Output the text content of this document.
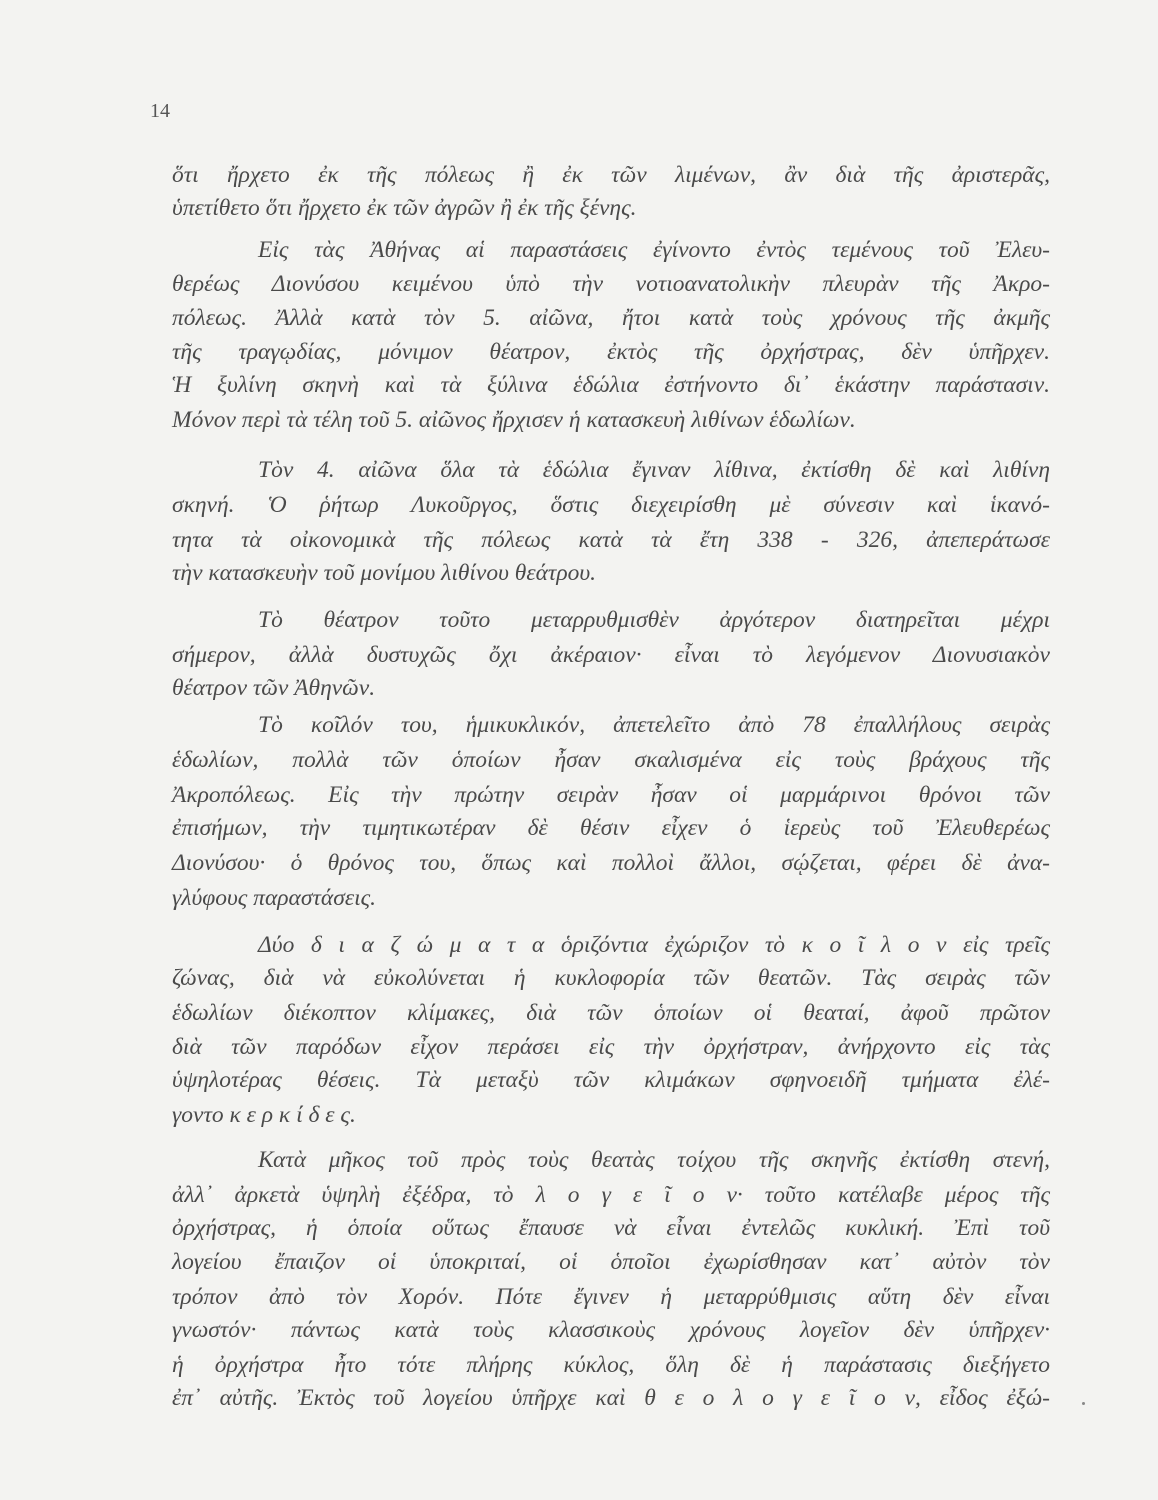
14
ὅτι ἤρχετο ἐκ τῆς πόλεως ἢ ἐκ τῶν λιμένων, ἂν διὰ τῆς ἀριστερᾶς,
ὑπετίθετο ὅτι ἤρχετο ἐκ τῶν ἀγρῶν ἢ ἐκ τῆς ξένης.
Εἰς τὰς Ἀθήνας αἱ παραστάσεις ἐγίνοντο ἐντὸς τεμένους τοῦ Ἐλευ-
θερέως Διονύσου κειμένου ὑπὸ τὴν νοτιοανατολικὴν πλευρὰν τῆς Ἀκρο-
πόλεως. Ἀλλὰ κατὰ τὸν 5. αἰῶνα, ἤτοι κατὰ τοὺς χρόνους τῆς ἀκμῆς
τῆς τραγῳδίας, μόνιμον θέατρον, ἐκτὸς τῆς ὀρχήστρας, δὲν ὑπῆρχεν.
Ἡ ξυλίνη σκηνὴ καὶ τὰ ξύλινα ἑδώλια ἐστήνοντο δι᾿ ἑκάστην παράστασιν.
Μόνον περὶ τὰ τέλη τοῦ 5. αἰῶνος ἤρχισεν ἡ κατασκευὴ λιθίνων ἑδωλίων.
Τὸν 4. αἰῶνα ὅλα τὰ ἑδώλια ἔγιναν λίθινα, ἐκτίσθη δὲ καὶ λιθίνη
σκηνή. Ὁ ῥήτωρ Λυκοῦργος, ὅστις διεχειρίσθη μὲ σύνεσιν καὶ ἱκανό-
τητα τὰ οἰκονομικὰ τῆς πόλεως κατὰ τὰ ἔτη 338 - 326, ἀπεπεράτωσε
τὴν κατασκευὴν τοῦ μονίμου λιθίνου θεάτρου.
Τὸ θέατρον τοῦτο μεταρρυθμισθὲν ἀργότερον διατηρεῖται μέχρι
σήμερον, ἀλλὰ δυστυχῶς ὄχι ἀκέραιον· εἶναι τὸ λεγόμενον Διονυσιακὸν
θέατρον τῶν Ἀθηνῶν.
Τὸ κοῖλόν του, ἡμικυκλικόν, ἀπετελεῖτο ἀπὸ 78 ἐπαλλήλους σειρὰς
ἑδωλίων, πολλὰ τῶν ὁποίων ἦσαν σκαλισμένα εἰς τοὺς βράχους τῆς
Ἀκροπόλεως. Εἰς τὴν πρώτην σειρὰν ἦσαν οἱ μαρμάρινοι θρόνοι τῶν
ἐπισήμων, τὴν τιμητικωτέραν δὲ θέσιν εἶχεν ὁ ἱερεὺς τοῦ Ἐλευθερέως
Διονύσου· ὁ θρόνος του, ὅπως καὶ πολλοὶ ἄλλοι, σῴζεται, φέρει δὲ ἀνα-
γλύφους παραστάσεις.
Δύο δ ι α ζ ώ μ α τ α ὁριζόντια ἐχώριζον τὸ κ ο ῖ λ ο ν εἰς τρεῖς
ζώνας, διὰ νὰ εὐκολύνεται ἡ κυκλοφορία τῶν θεατῶν. Τὰς σειρὰς τῶν
ἑδωλίων διέκοπτον κλίμακες, διὰ τῶν ὁποίων οἱ θεαταί, ἀφοῦ πρῶτον
διὰ τῶν παρόδων εἶχον περάσει εἰς τὴν ὀρχήστραν, ἀνήρχοντο εἰς τὰς
ὑψηλοτέρας θέσεις. Τὰ μεταξὺ τῶν κλιμάκων σφηνοειδῆ τμήματα ἐλέ-
γοντο κ ε ρ κ ί δ ε ς.
Κατὰ μῆκος τοῦ πρὸς τοὺς θεατὰς τοίχου τῆς σκηνῆς ἐκτίσθη στενή,
ἀλλ᾿ ἀρκετὰ ὑψηλὴ ἐξέδρα, τὸ λ ο γ ε ῖ ο ν· τοῦτο κατέλαβε μέρος τῆς
ὀρχήστρας, ἡ ὁποία οὕτως ἔπαυσε νὰ εἶναι ἐντελῶς κυκλική. Ἐπὶ τοῦ
λογείου ἔπαιζον οἱ ὑποκριταί, οἱ ὁποῖοι ἐχωρίσθησαν κατ᾿ αὐτὸν τὸν
τρόπον ἀπὸ τὸν Χορόν. Πότε ἔγινεν ἡ μεταρρύθμισις αὕτη δὲν εἶναι
γνωστόν· πάντως κατὰ τοὺς κλασσικοὺς χρόνους λογεῖον δὲν ὑπῆρχεν·
ἡ ὀρχήστρα ἦτο τότε πλήρης κύκλος, ὅλη δὲ ἡ παράστασις διεξήγετο
ἐπ᾿ αὐτῆς. Ἐκτὸς τοῦ λογείου ὑπῆρχε καὶ θ ε ο λ ο γ ε ῖ ο ν, εἶδος ἐξώ-
